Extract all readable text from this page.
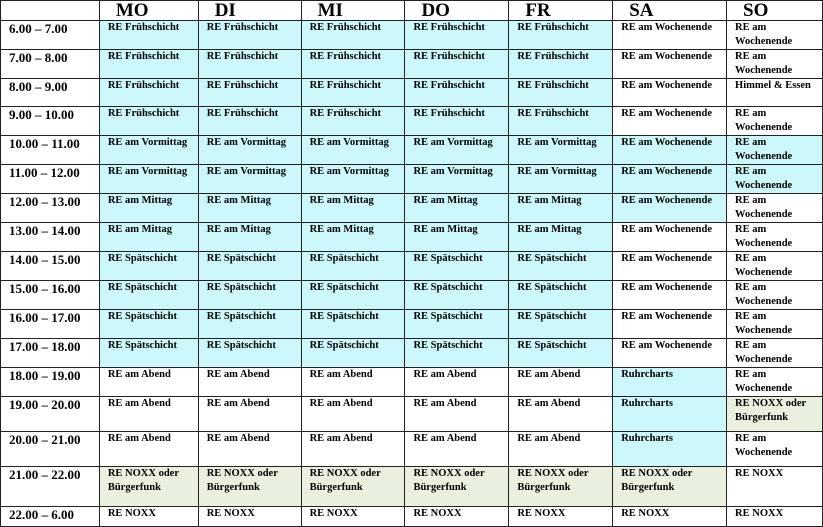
	MO	DI	MI	DO	FR	SA	SO
6.00 – 7.00	RE Frühschicht	RE Frühschicht	RE Frühschicht	RE Frühschicht	RE Frühschicht	RE am Wochenende	RE am Wochenende
7.00 – 8.00	RE Frühschicht	RE Frühschicht	RE Frühschicht	RE Frühschicht	RE Frühschicht	RE am Wochenende	RE am Wochenende
8.00 – 9.00	RE Frühschicht	RE Frühschicht	RE Frühschicht	RE Frühschicht	RE Frühschicht	RE am Wochenende	Himmel & Essen
9.00 – 10.00	RE Frühschicht	RE Frühschicht	RE Frühschicht	RE Frühschicht	RE Frühschicht	RE am Wochenende	RE am Wochenende
10.00 – 11.00	RE am Vormittag	RE am Vormittag	RE am Vormittag	RE am Vormittag	RE am Vormittag	RE am Wochenende	RE am Wochenende
11.00 – 12.00	RE am Vormittag	RE am Vormittag	RE am Vormittag	RE am Vormittag	RE am Vormittag	RE am Wochenende	RE am Wochenende
12.00 – 13.00	RE am Mittag	RE am Mittag	RE am Mittag	RE am Mittag	RE am Mittag	RE am Wochenende	RE am Wochenende
13.00 – 14.00	RE am Mittag	RE am Mittag	RE am Mittag	RE am Mittag	RE am Mittag	RE am Wochenende	RE am Wochenende
14.00 – 15.00	RE Spätschicht	RE Spätschicht	RE Spätschicht	RE Spätschicht	RE Spätschicht	RE am Wochenende	RE am Wochenende
15.00 – 16.00	RE Spätschicht	RE Spätschicht	RE Spätschicht	RE Spätschicht	RE Spätschicht	RE am Wochenende	RE am Wochenende
16.00 – 17.00	RE Spätschicht	RE Spätschicht	RE Spätschicht	RE Spätschicht	RE Spätschicht	RE am Wochenende	RE am Wochenende
17.00 – 18.00	RE Spätschicht	RE Spätschicht	RE Spätschicht	RE Spätschicht	RE Spätschicht	RE am Wochenende	RE am Wochenende
18.00 – 19.00	RE am Abend	RE am Abend	RE am Abend	RE am Abend	RE am Abend	Ruhrcharts	RE am Wochenende
19.00 – 20.00	RE am Abend	RE am Abend	RE am Abend	RE am Abend	RE am Abend	Ruhrcharts	RE NOXX oder Bürgerfunk
20.00 – 21.00	RE am Abend	RE am Abend	RE am Abend	RE am Abend	RE am Abend	Ruhrcharts	RE am Wochenende
21.00 – 22.00	RE NOXX oder Bürgerfunk	RE NOXX oder Bürgerfunk	RE NOXX oder Bürgerfunk	RE NOXX oder Bürgerfunk	RE NOXX oder Bürgerfunk	RE NOXX oder Bürgerfunk	RE NOXX
22.00 – 6.00	RE NOXX	RE NOXX	RE NOXX	RE NOXX	RE NOXX	RE NOXX	RE NOXX
